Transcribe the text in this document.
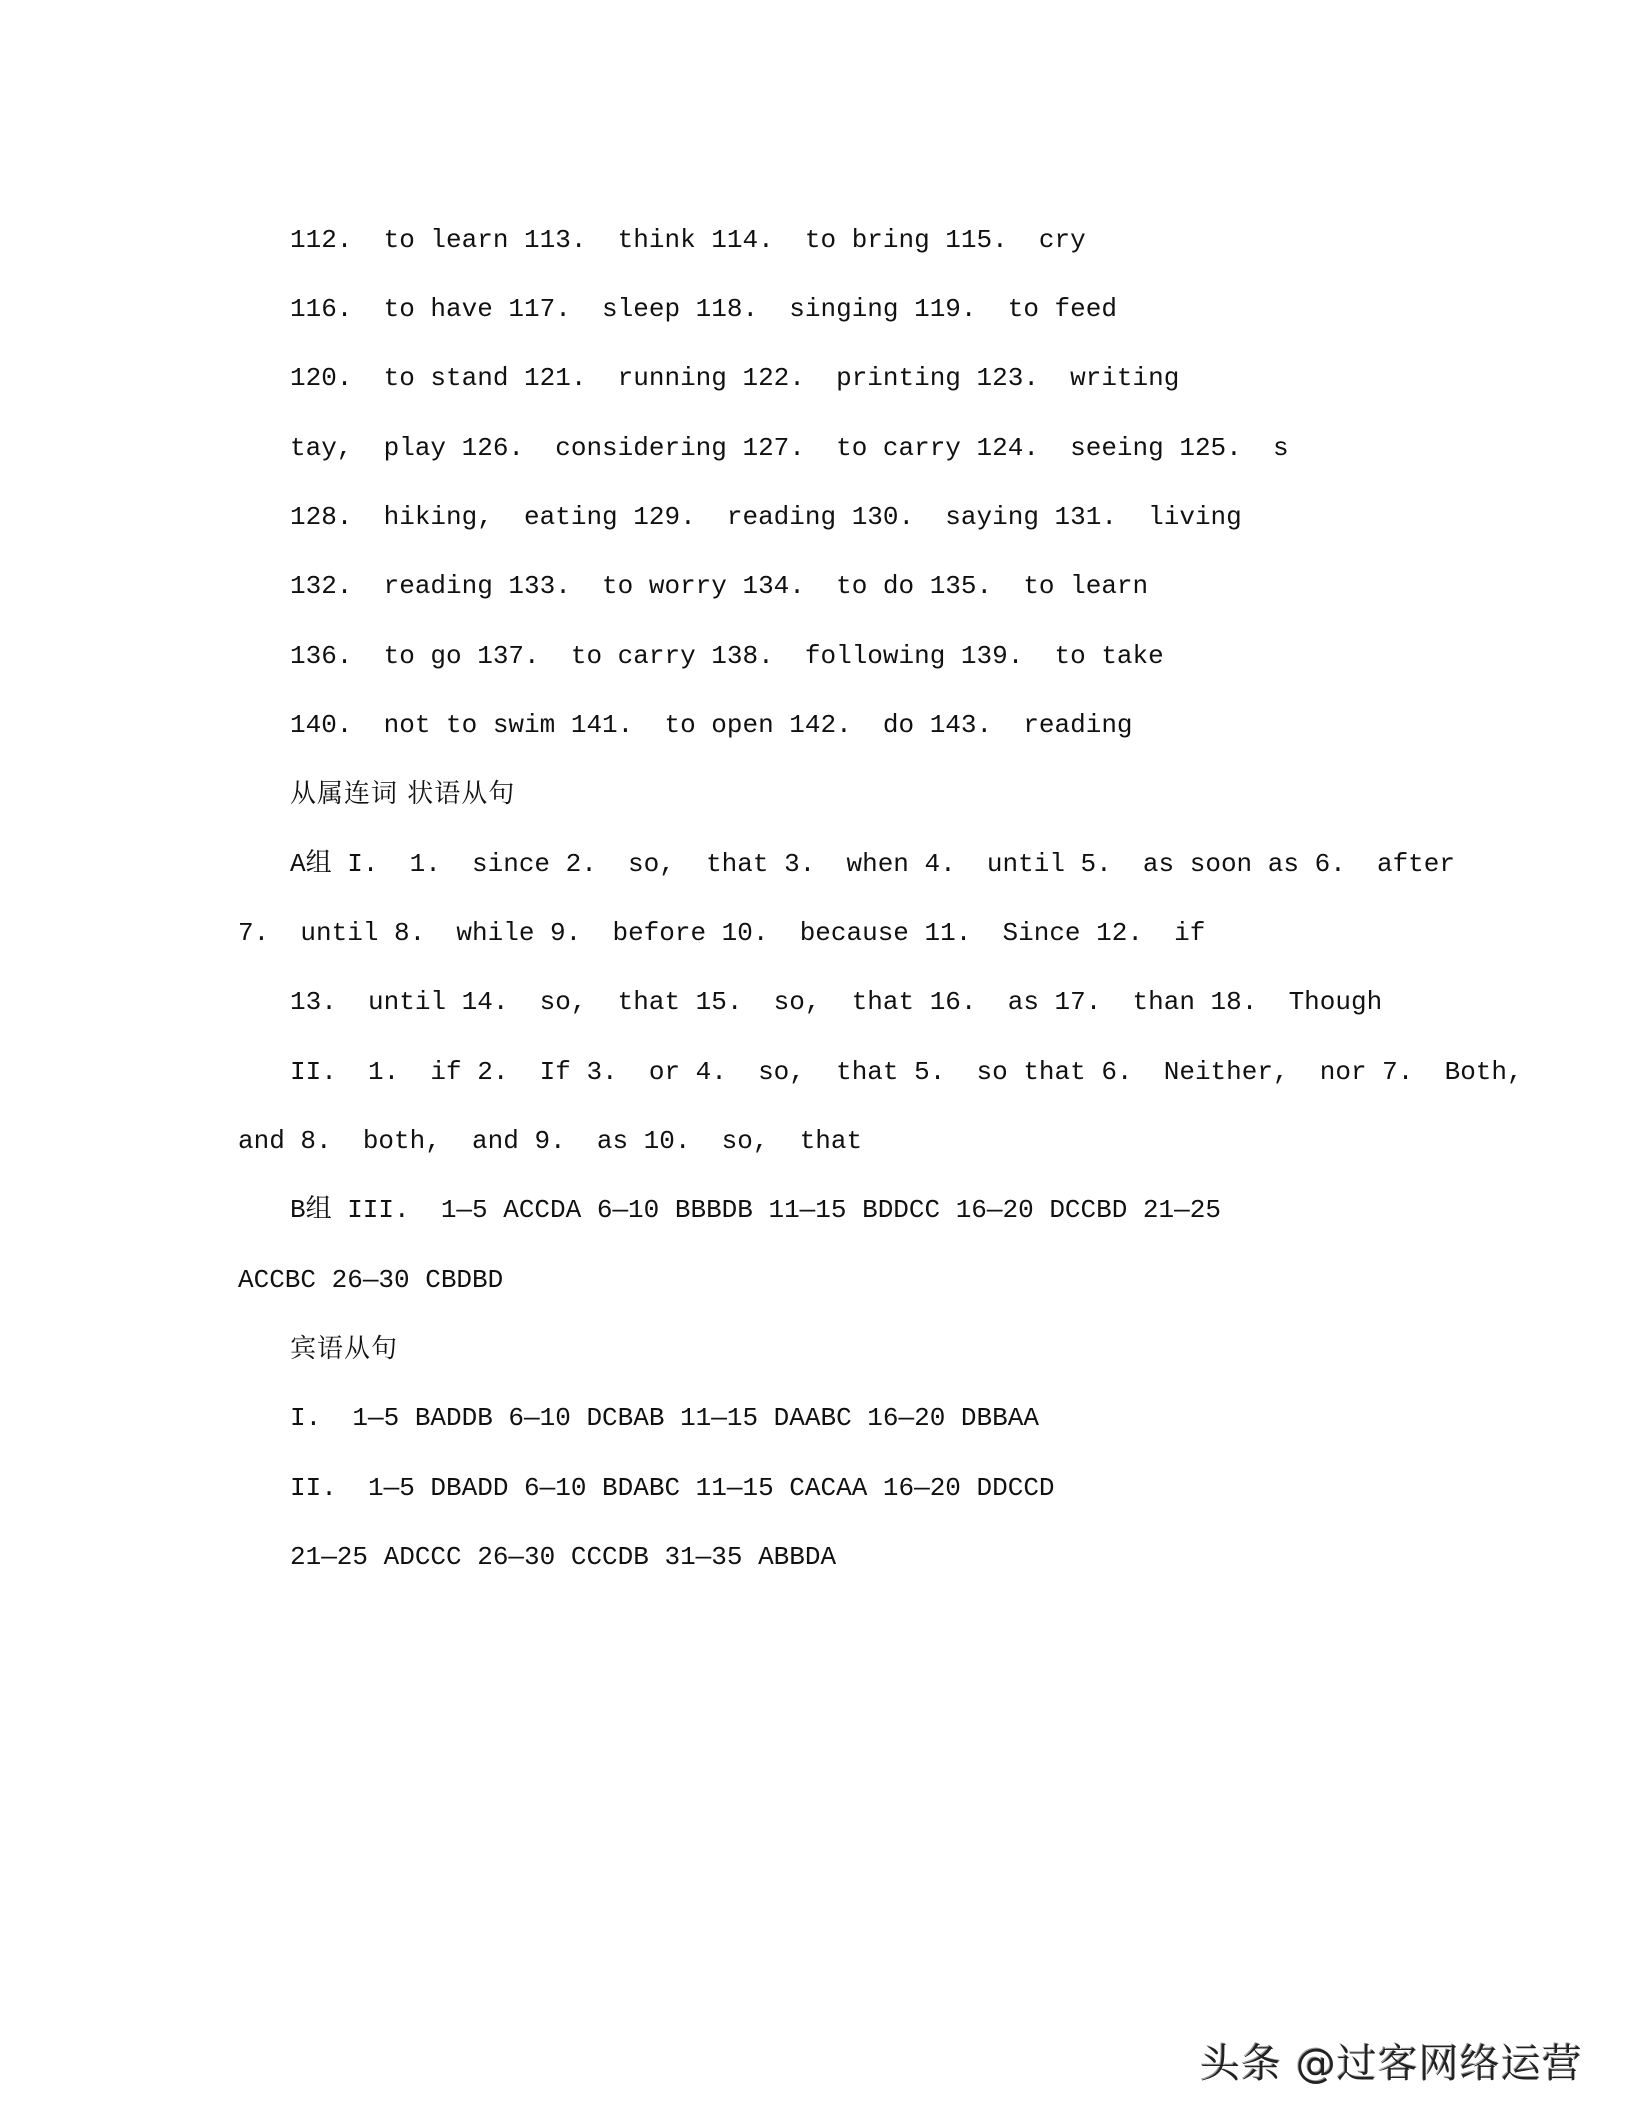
112.  to learn 113.  think 114.  to bring 115.  cry
116.  to have 117.  sleep 118.  singing 119.  to feed
120.  to stand 121.  running 122.  printing 123.  writing
tay,  play 126.  considering 127.  to carry 124.  seeing 125.  s
128.  hiking,  eating 129.  reading 130.  saying 131.  living
132.  reading 133.  to worry 134.  to do 135.  to learn
136.  to go 137.  to carry 138.  following 139.  to take
140.  not to swim 141.  to open 142.  do 143.  reading
从属连词 状语从句
A组 I.  1.  since 2.  so,  that 3.  when 4.  until 5.  as soon as 6.  after
7.  until 8.  while 9.  before 10.  because 11.  Since 12.  if
13.  until 14.  so,  that 15.  so,  that 16.  as 17.  than 18.  Though
II.  1.  if 2.  If 3.  or 4.  so,  that 5.  so that 6.  Neither,  nor 7.  Both,
and 8.  both,  and 9.  as 10.  so,  that
B组 III.  1—5 ACCDA 6—10 BBBDB 11—15 BDDCC 16—20 DCCBD 21—25
ACCBC 26—30 CBDBD
宾语从句
I.  1—5 BADDB 6—10 DCBAB 11—15 DAABC 16—20 DBBAA
II.  1—5 DBADD 6—10 BDABC 11—15 CACAA 16—20 DDCCD
21—25 ADCCC 26—30 CCCDB 31—35 ABBDA
头条 @过客网络运营
